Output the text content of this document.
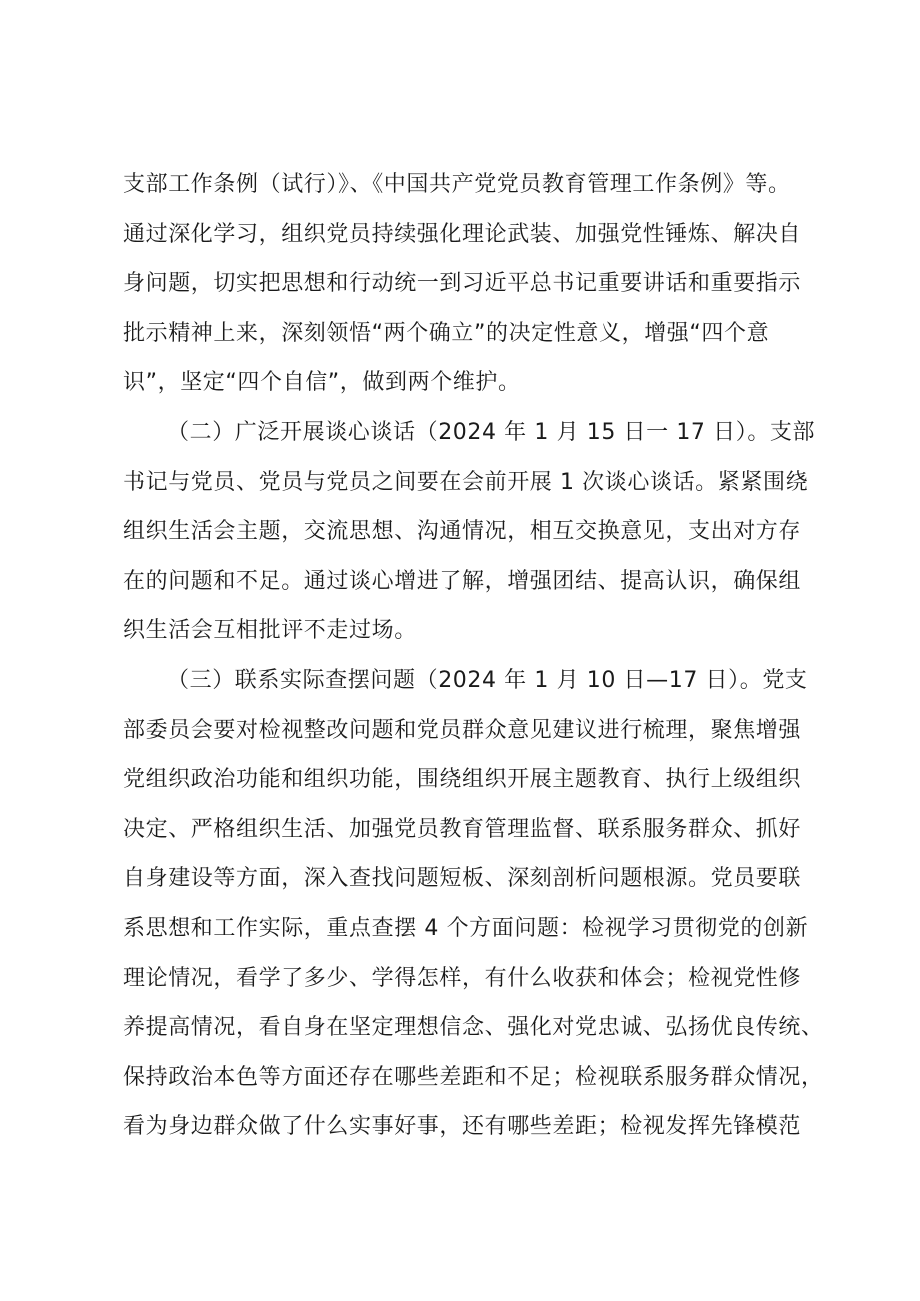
支部工作条例（试行）》、《中国共产党党员教育管理工作条例》等。
通过深化学习，组织党员持续强化理论武装、加强党性锤炼、解决自
身问题，切实把思想和行动统一到习近平总书记重要讲话和重要指示
批示精神上来，深刻领悟“两个确立”的决定性意义，增强“四个意
识”，坚定“四个自信”，做到两个维护。
（二）广泛开展谈心谈话（2024 年 1 月 15 日一 17 日）。支部
书记与党员、党员与党员之间要在会前开展 1 次谈心谈话。紧紧围绕
组织生活会主题，交流思想、沟通情况，相互交换意见，支出对方存
在的问题和不足。通过谈心增进了解，增强团结、提高认识，确保组
织生活会互相批评不走过场。
（三）联系实际查摆问题（2024 年 1 月 10 日—17 日）。党支
部委员会要对检视整改问题和党员群众意见建议进行梳理，聚焦增强
党组织政治功能和组织功能，围绕组织开展主题教育、执行上级组织
决定、严格组织生活、加强党员教育管理监督、联系服务群众、抓好
自身建设等方面，深入查找问题短板、深刻剖析问题根源。党员要联
系思想和工作实际，重点查摆 4 个方面问题：检视学习贯彻党的创新
理论情况，看学了多少、学得怎样，有什么收获和体会；检视党性修
养提高情况，看自身在坚定理想信念、强化对党忠诚、弘扬优良传统、
保持政治本色等方面还存在哪些差距和不足；检视联系服务群众情况，
看为身边群众做了什么实事好事，还有哪些差距；检视发挥先锋模范
